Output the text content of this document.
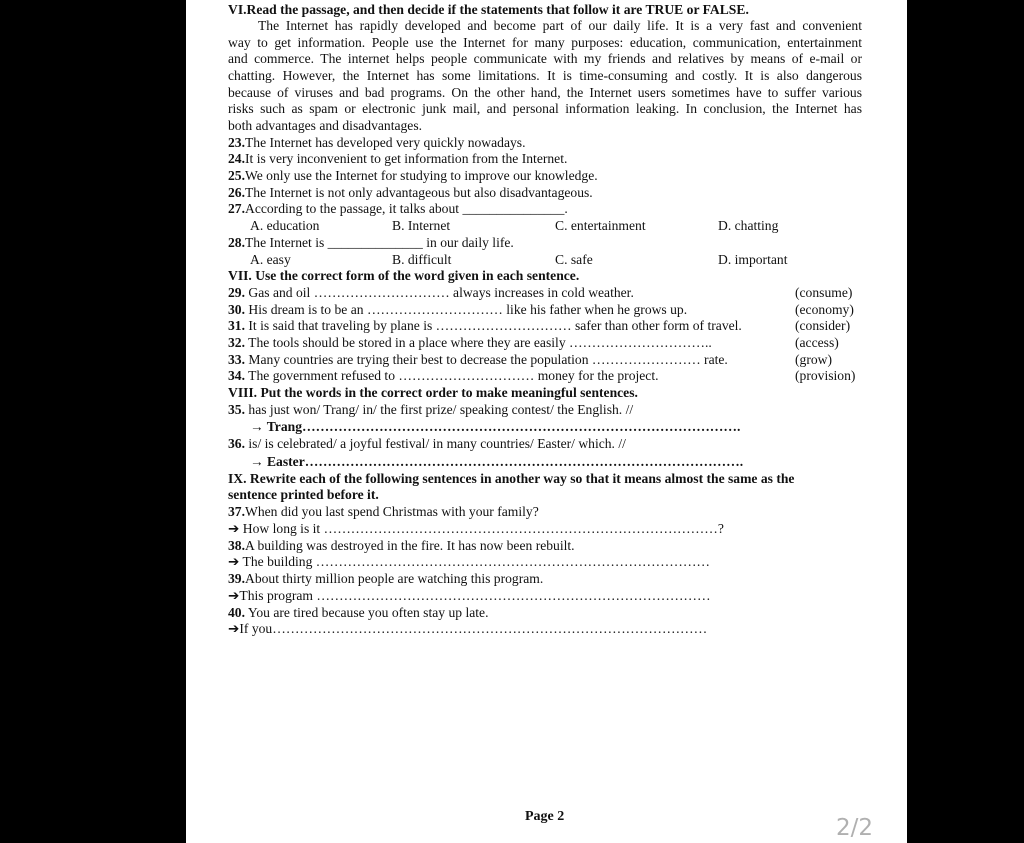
VI.Read the passage, and then decide if the statements that follow it are TRUE or FALSE.
The Internet has rapidly developed and become part of our daily life. It is a very fast and convenient
way to get information. People use the Internet for many purposes: education, communication, entertainment
and commerce. The internet helps people communicate with my friends and relatives by means of e-mail or
chatting. However, the Internet has some limitations. It is time-consuming and costly. It is also dangerous
because of viruses and bad programs. On the other hand, the Internet users sometimes have to suffer various
risks such as spam or electronic junk mail, and personal information leaking. In conclusion, the Internet has
both advantages and disadvantages.
23.The Internet has developed very quickly nowadays.
24.It is very inconvenient to get information from the Internet.
25.We only use the Internet for studying to improve our knowledge.
26.The Internet is not only advantageous but also disadvantageous.
27.According to the passage, it talks about _______________.
A. education	B. Internet	C. entertainment	D. chatting
28.The Internet is ______________ in our daily life.
A. easy	B. difficult	C. safe	D. important
VII. Use the correct form of the word given in each sentence.
29. Gas and oil ………………………… always increases in cold weather.	(consume)
30. His dream is to be an ………………………… like his father when he grows up.	(economy)
31. It is said that traveling by plane is ………………………… safer than other form of travel.	(consider)
32. The tools should be stored in a place where they are easily …………………………..	(access)
33. Many countries are trying their best to decrease the population …………………… rate.	(grow)
34. The government refused to ………………………… money for the project.	(provision)
VIII. Put the words in the correct order to make meaningful sentences.
35. has just won/ Trang/ in/ the first prize/ speaking contest/ the English. //
→ Trang…………………………………………………………………………………….
36. is/ is celebrated/ a joyful festival/ in many countries/ Easter/ which. //
→ Easter…………………………………………………………………………………….
IX. Rewrite each of the following sentences in another way so that it means almost the same as the
sentence printed before it.
37.When did you last spend Christmas with your family?
➔ How long is it ……………………………………………………………………………?
38.A building was destroyed in the fire. It has now been rebuilt.
➔ The building ……………………………………………………………………………
39.About thirty million people are watching this program.
➔This program ……………………………………………………………………………
40. You are tired because you often stay up late.
➔If you……………………………………………………………………………………
Page 2	2/2
